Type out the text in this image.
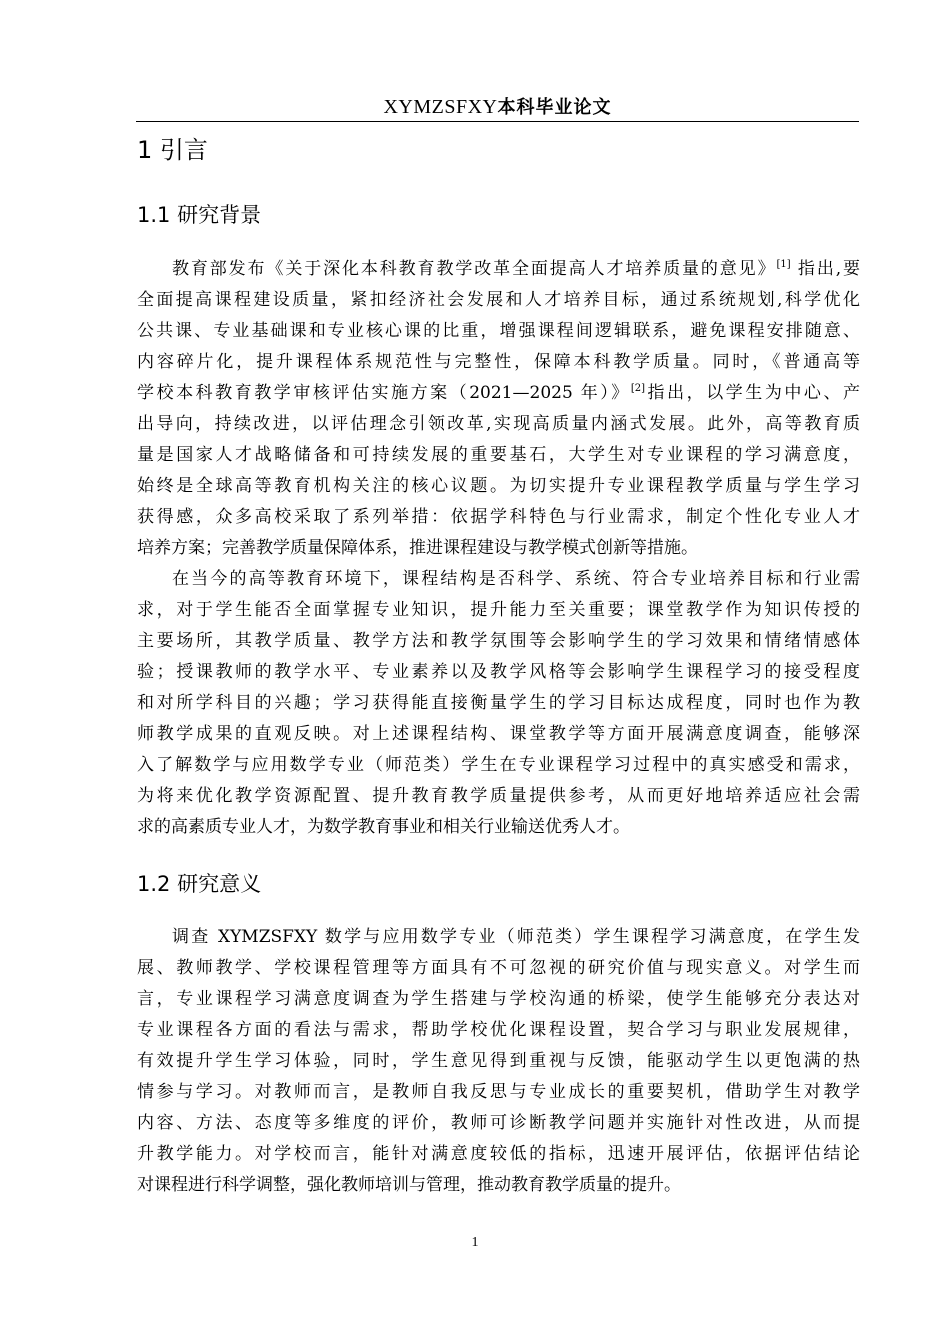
XYMZSFXY本科毕业论文
1 引言
1.1 研究背景
教育部发布《关于深化本科教育教学改革全面提高人才培养质量的意见》[1] 指出,要
全面提高课程建设质量，紧扣经济社会发展和人才培养目标，通过系统规划,科学优化
公共课、专业基础课和专业核心课的比重，增强课程间逻辑联系，避免课程安排随意、
内容碎片化，提升课程体系规范性与完整性，保障本科教学质量。同时，《普通高等
学校本科教育教学审核评估实施方案（2021—2025 年）》[2]指出，以学生为中心、产
出导向，持续改进，以评估理念引领改革,实现高质量内涵式发展。此外，高等教育质
量是国家人才战略储备和可持续发展的重要基石，大学生对专业课程的学习满意度，
始终是全球高等教育机构关注的核心议题。为切实提升专业课程教学质量与学生学习
获得感，众多高校采取了系列举措：依据学科特色与行业需求，制定个性化专业人才
培养方案；完善教学质量保障体系，推进课程建设与教学模式创新等措施。
在当今的高等教育环境下，课程结构是否科学、系统、符合专业培养目标和行业需
求，对于学生能否全面掌握专业知识，提升能力至关重要；课堂教学作为知识传授的
主要场所，其教学质量、教学方法和教学氛围等会影响学生的学习效果和情绪情感体
验；授课教师的教学水平、专业素养以及教学风格等会影响学生课程学习的接受程度
和对所学科目的兴趣；学习获得能直接衡量学生的学习目标达成程度，同时也作为教
师教学成果的直观反映。对上述课程结构、课堂教学等方面开展满意度调查，能够深
入了解数学与应用数学专业（师范类）学生在专业课程学习过程中的真实感受和需求，
为将来优化教学资源配置、提升教育教学质量提供参考，从而更好地培养适应社会需
求的高素质专业人才，为数学教育事业和相关行业输送优秀人才。
1.2 研究意义
调查 XYMZSFXY 数学与应用数学专业（师范类）学生课程学习满意度，在学生发
展、教师教学、学校课程管理等方面具有不可忽视的研究价值与现实意义。对学生而
言，专业课程学习满意度调查为学生搭建与学校沟通的桥梁，使学生能够充分表达对
专业课程各方面的看法与需求，帮助学校优化课程设置，契合学习与职业发展规律，
有效提升学生学习体验，同时，学生意见得到重视与反馈，能驱动学生以更饱满的热
情参与学习。对教师而言，是教师自我反思与专业成长的重要契机，借助学生对教学
内容、方法、态度等多维度的评价，教师可诊断教学问题并实施针对性改进，从而提
升教学能力。对学校而言，能针对满意度较低的指标，迅速开展评估，依据评估结论
对课程进行科学调整，强化教师培训与管理，推动教育教学质量的提升。
1
